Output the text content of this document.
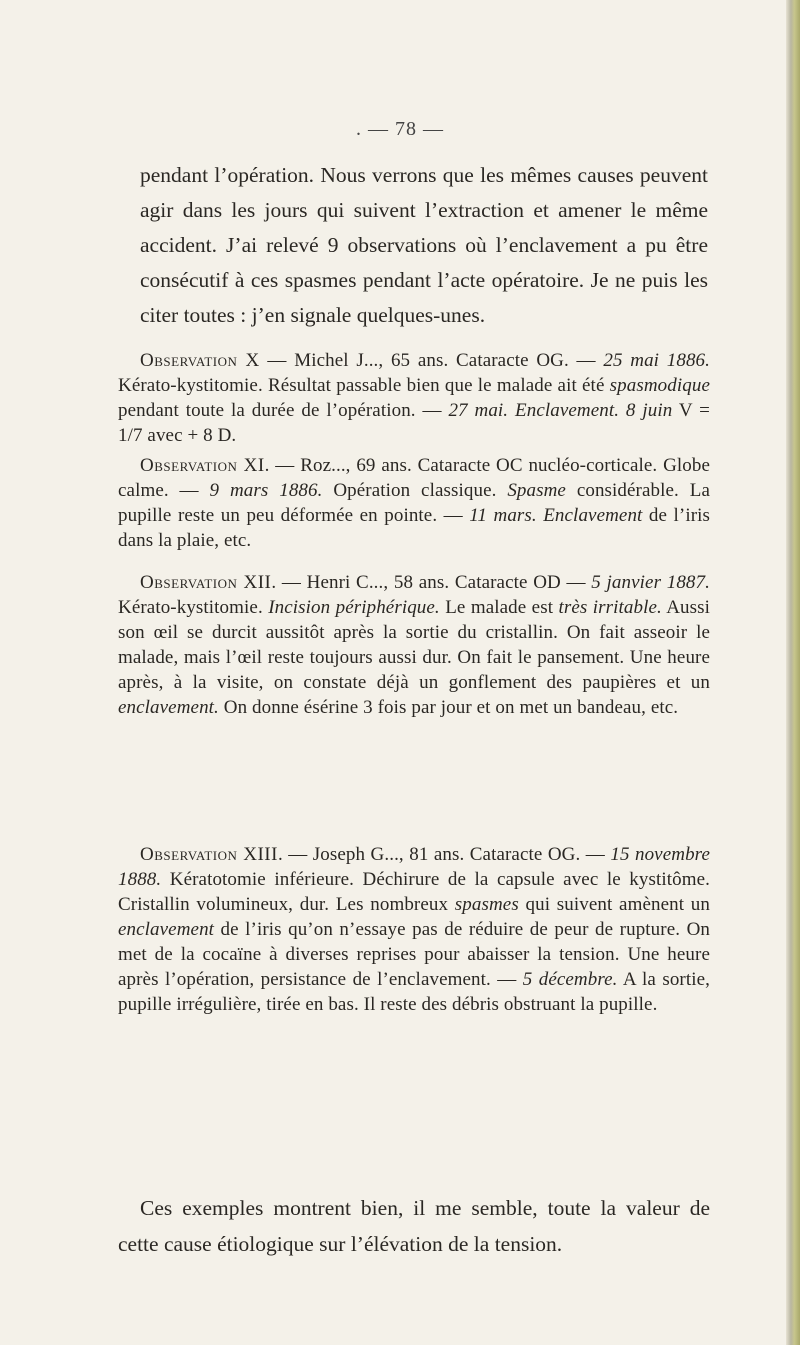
. — 78 —

pendant l’opération. Nous verrons que les mêmes causes peuvent agir dans les jours qui suivent l’extraction et amener le même accident. J’ai relevé 9 observations où l’enclavement a pu être consécutif à ces spasmes pendant l’acte opératoire. Je ne puis les citer toutes : j’en signale quelques-unes.

Observation X — Michel J..., 65 ans. Cataracte OG. — 25 mai 1886. Kérato-kystitomie. Résultat passable bien que le malade ait été spasmodique pendant toute la durée de l’opération. — 27 mai. Enclavement. 8 juin V = 1/7 avec + 8 D.

Observation XI. — Roz..., 69 ans. Cataracte OC nucléo-corticale. Globe calme. — 9 mars 1886. Opération classique. Spasme considérable. La pupille reste un peu déformée en pointe. — 11 mars. Enclavement de l’iris dans la plaie, etc.

Observation XII. — Henri C..., 58 ans. Cataracte OD — 5 janvier 1887. Kérato-kystitomie. Incision périphérique. Le malade est très irritable. Aussi son œil se durcit aussitôt après la sortie du cristallin. On fait asseoir le malade, mais l’œil reste toujours aussi dur. On fait le pansement. Une heure après, à la visite, on constate déjà un gonflement des paupières et un enclavement. On donne ésérine 3 fois par jour et on met un bandeau, etc.

Observation XIII. — Joseph G..., 81 ans. Cataracte OG. — 15 novembre 1888. Kératotomie inférieure. Déchirure de la capsule avec le kystitôme. Cristallin volumineux, dur. Les nombreux spasmes qui suivent amènent un enclavement de l’iris qu’on n’essaye pas de réduire de peur de rupture. On met de la cocaïne à diverses reprises pour abaisser la tension. Une heure après l’opération, persistance de l’enclavement. — 5 décembre. A la sortie, pupille irrégulière, tirée en bas. Il reste des débris obstruant la pupille.

Ces exemples montrent bien, il me semble, toute la valeur de cette cause étiologique sur l’élévation de la tension.
